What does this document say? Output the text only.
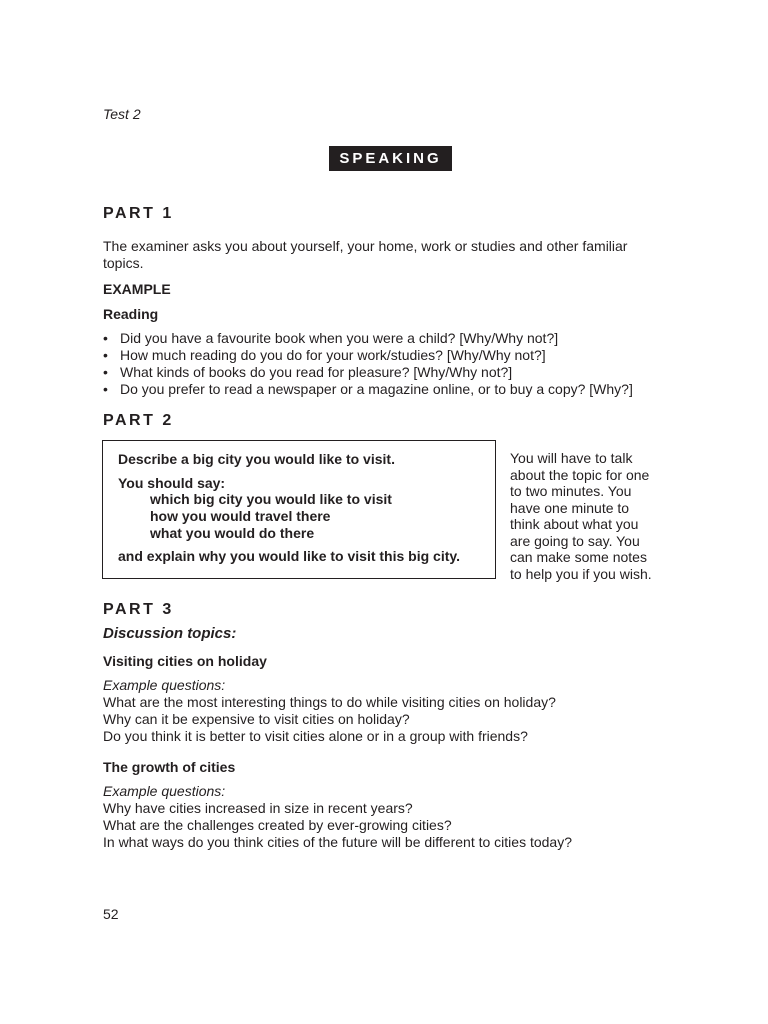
Test 2
SPEAKING
PART 1
The examiner asks you about yourself, your home, work or studies and other familiar topics.
EXAMPLE
Reading
• Did you have a favourite book when you were a child? [Why/Why not?]
• How much reading do you do for your work/studies? [Why/Why not?]
• What kinds of books do you read for pleasure? [Why/Why not?]
• Do you prefer to read a newspaper or a magazine online, or to buy a copy? [Why?]
PART 2
Describe a big city you would like to visit.
You should say:
which big city you would like to visit
how you would travel there
what you would do there
and explain why you would like to visit this big city.
You will have to talk
about the topic for one
to two minutes. You
have one minute to
think about what you
are going to say. You
can make some notes
to help you if you wish.
PART 3
Discussion topics:
Visiting cities on holiday
Example questions:
What are the most interesting things to do while visiting cities on holiday?
Why can it be expensive to visit cities on holiday?
Do you think it is better to visit cities alone or in a group with friends?
The growth of cities
Example questions:
Why have cities increased in size in recent years?
What are the challenges created by ever-growing cities?
In what ways do you think cities of the future will be different to cities today?
52
